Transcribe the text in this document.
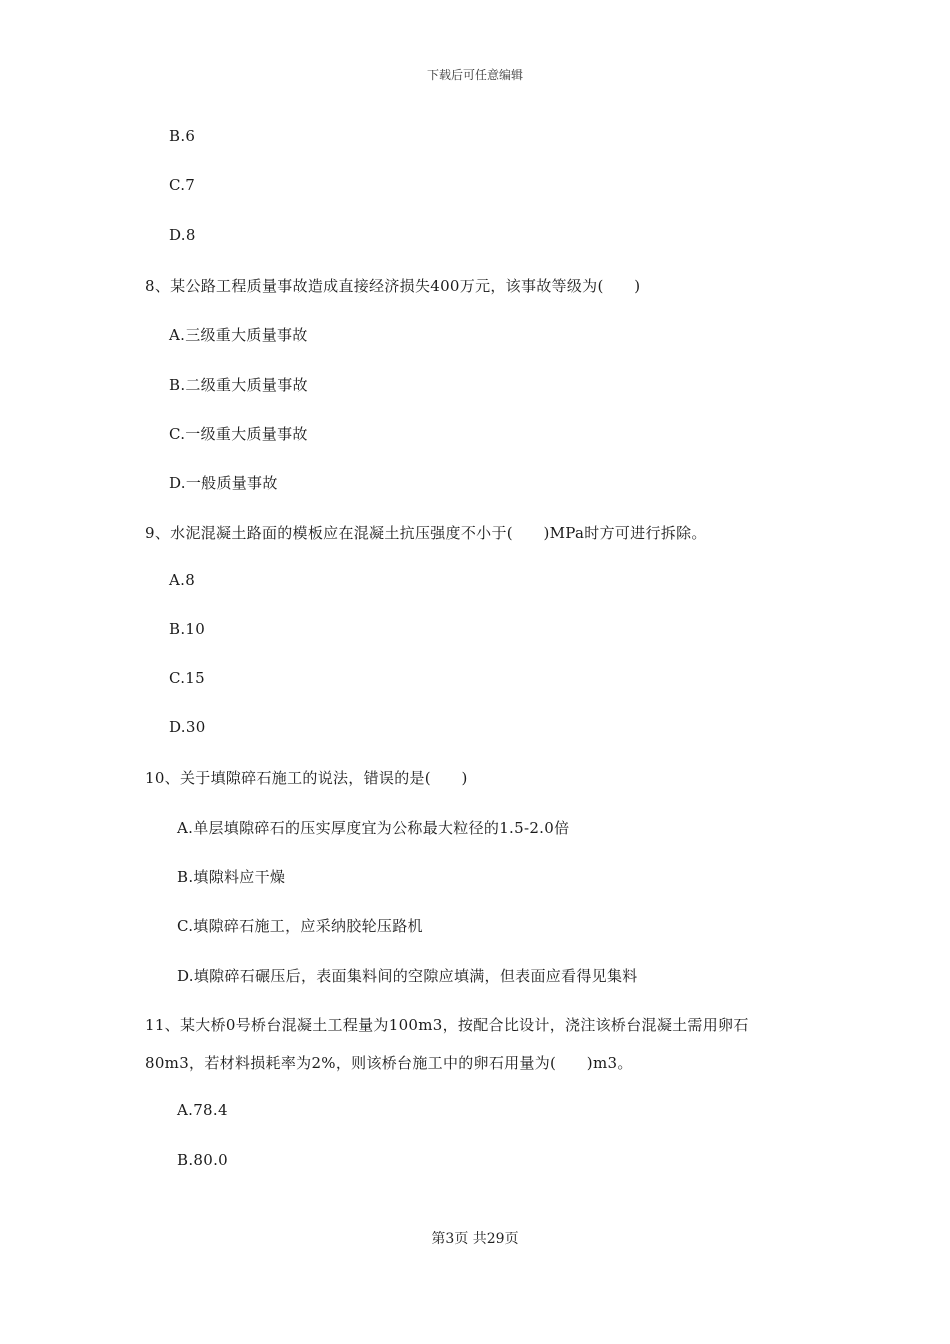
下载后可任意编辑
B.6
C.7
D.8
8、某公路工程质量事故造成直接经济损失400万元，该事故等级为(　　)
A.三级重大质量事故
B.二级重大质量事故
C.一级重大质量事故
D.一般质量事故
9、水泥混凝土路面的模板应在混凝土抗压强度不小于(　　)MPa时方可进行拆除。
A.8
B.10
C.15
D.30
10、关于填隙碎石施工的说法，错误的是(　　)
A.单层填隙碎石的压实厚度宜为公称最大粒径的1.5-2.0倍
B.填隙料应干燥
C.填隙碎石施工，应采纳胶轮压路机
D.填隙碎石碾压后，表面集料间的空隙应填满，但表面应看得见集料
11、某大桥0号桥台混凝土工程量为100m3，按配合比设计，浇注该桥台混凝土需用卵石
80m3，若材料损耗率为2%，则该桥台施工中的卵石用量为(　　)m3。
A.78.4
B.80.0
第3页 共29页
